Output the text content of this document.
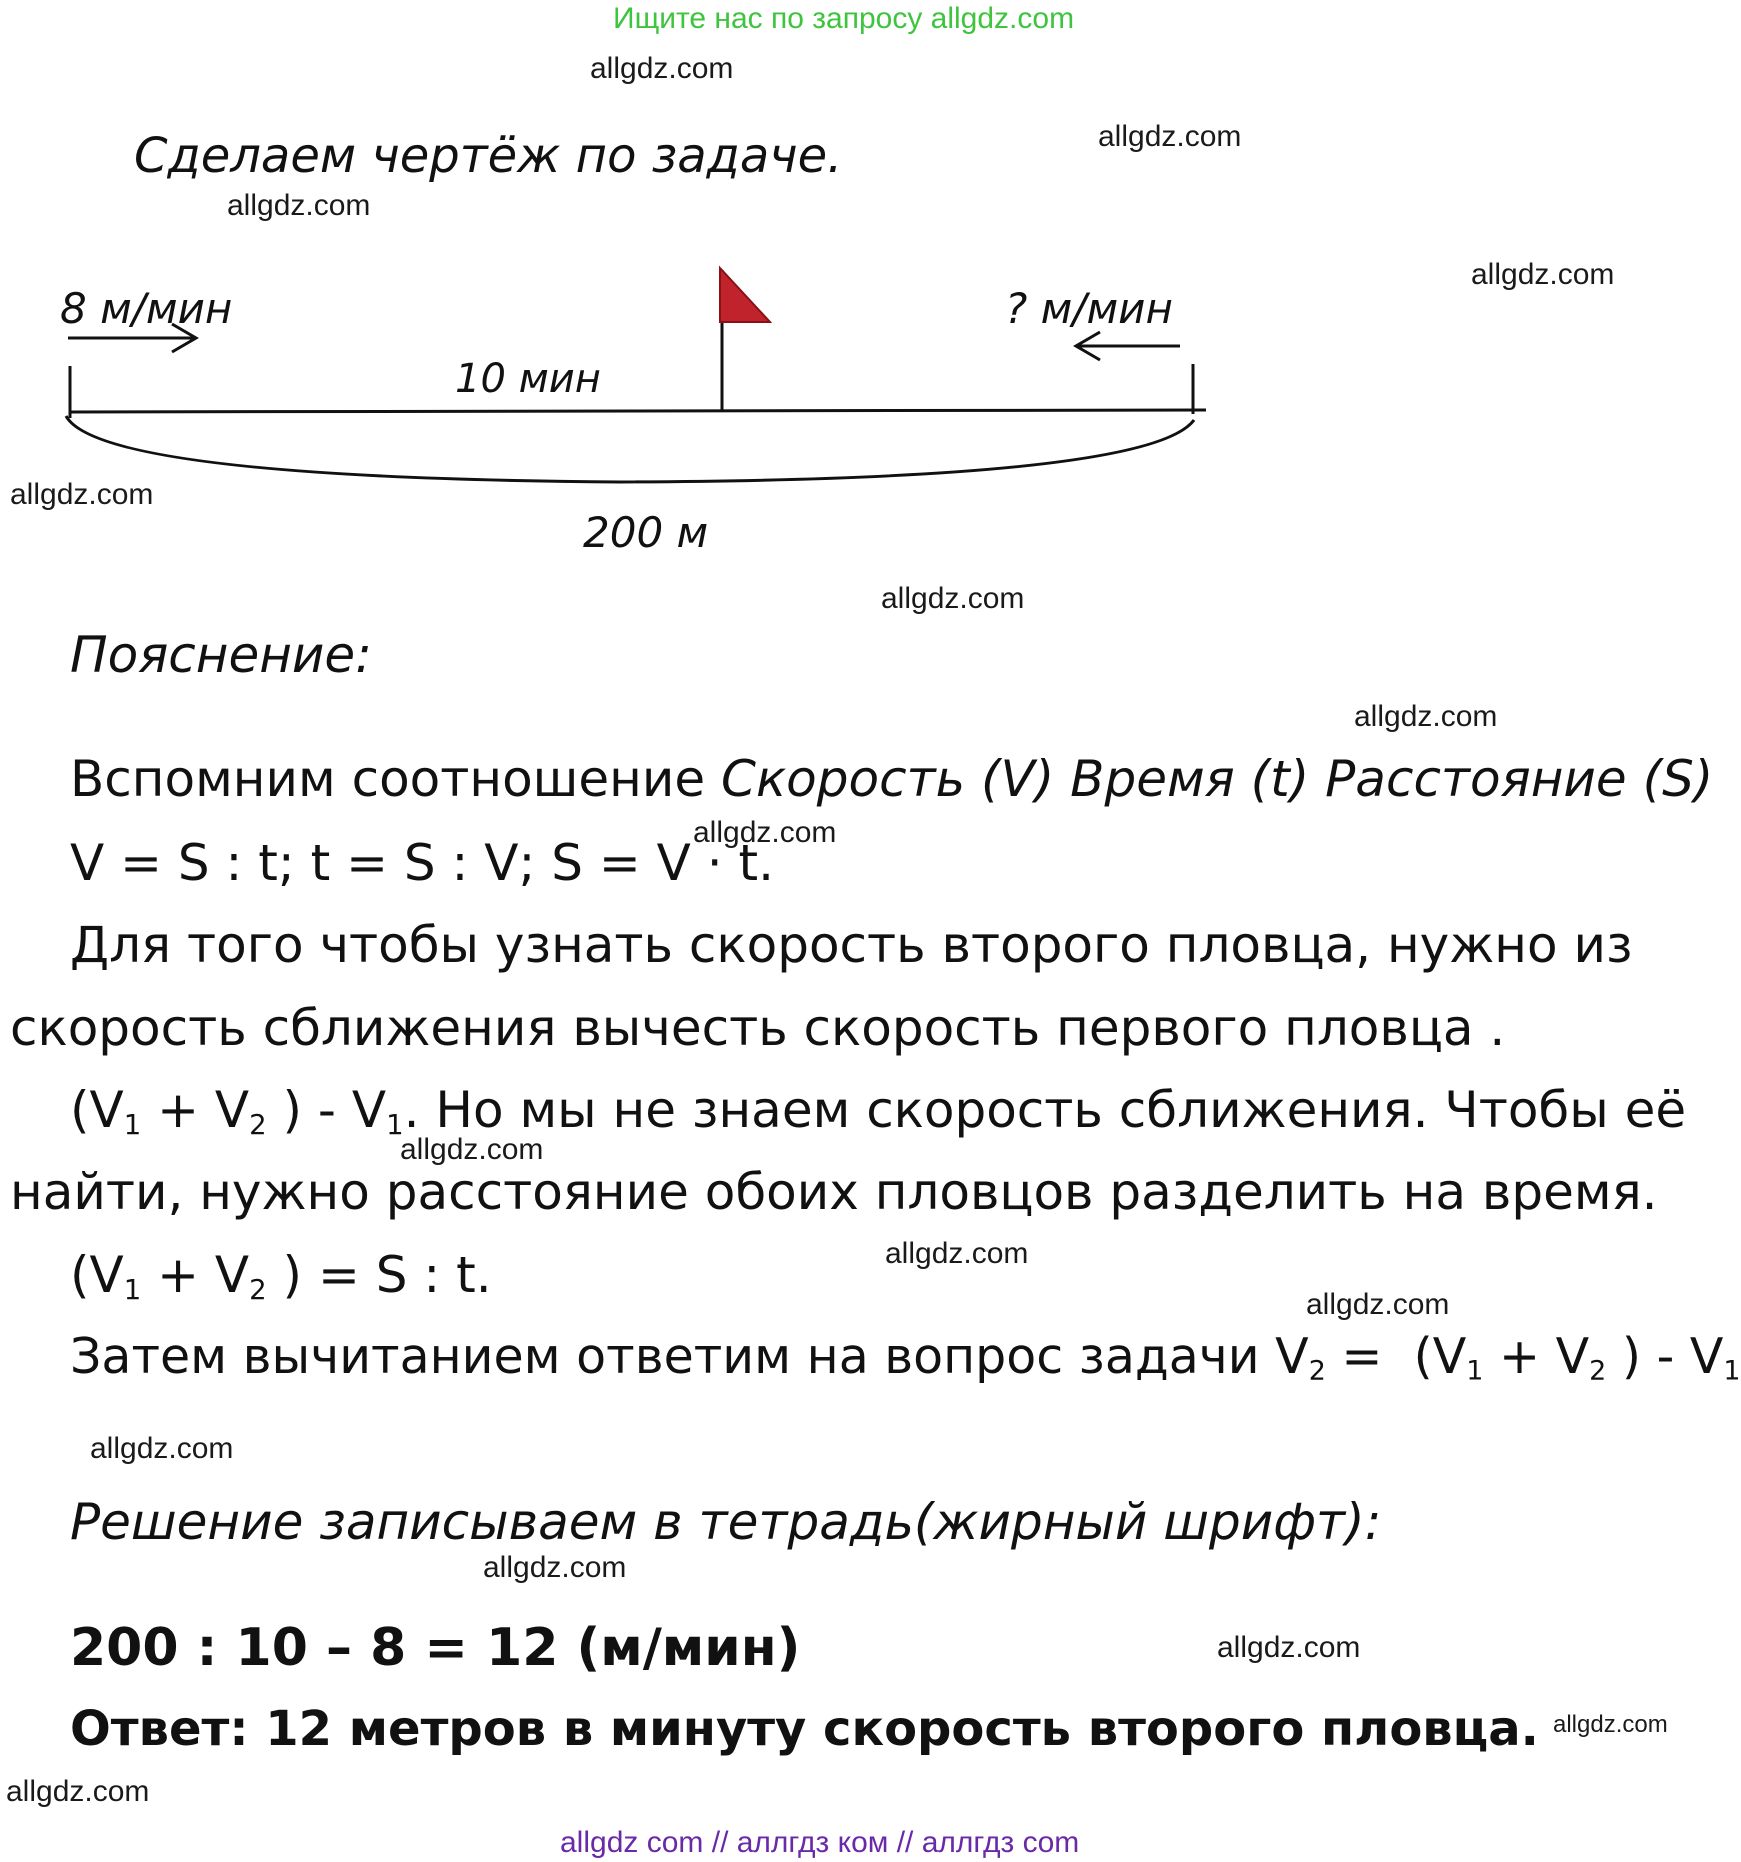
Ищите нас по запросу allgdz.com
allgdz.com
allgdz.com
allgdz.com
allgdz.com
allgdz.com
allgdz.com
allgdz.com
allgdz.com
allgdz.com
allgdz.com
allgdz.com
allgdz.com
allgdz.com
allgdz.com
allgdz.com
allgdz.com
Сделаем чертёж по задаче.
8 м/мин	? м/мин
10 мин
200 м
Пояснение:
Вспомним соотношение Скорость (V) Время (t) Расстояние (S)
V = S : t; t = S : V; S = V · t.
Для того чтобы узнать скорость второго пловца, нужно из
скорость сближения вычесть скорость первого пловца .
($V_1 + V_2$ ) - $V_1$. Но мы не знаем скорость сближения. Чтобы её
найти, нужно расстояние обоих пловцов разделить на время.
($V_1 + V_2$ ) = S : t.
Затем вычитанием ответим на вопрос задачи $V_2 = (V_1 + V_2$ ) - $V_1$
Решение записываем в тетрадь(жирный шрифт):
200 : 10 – 8 = 12 (м/мин)
Ответ: 12 метров в минуту скорость второго пловца.
allgdz com // аллгдз ком // аллгдз com
